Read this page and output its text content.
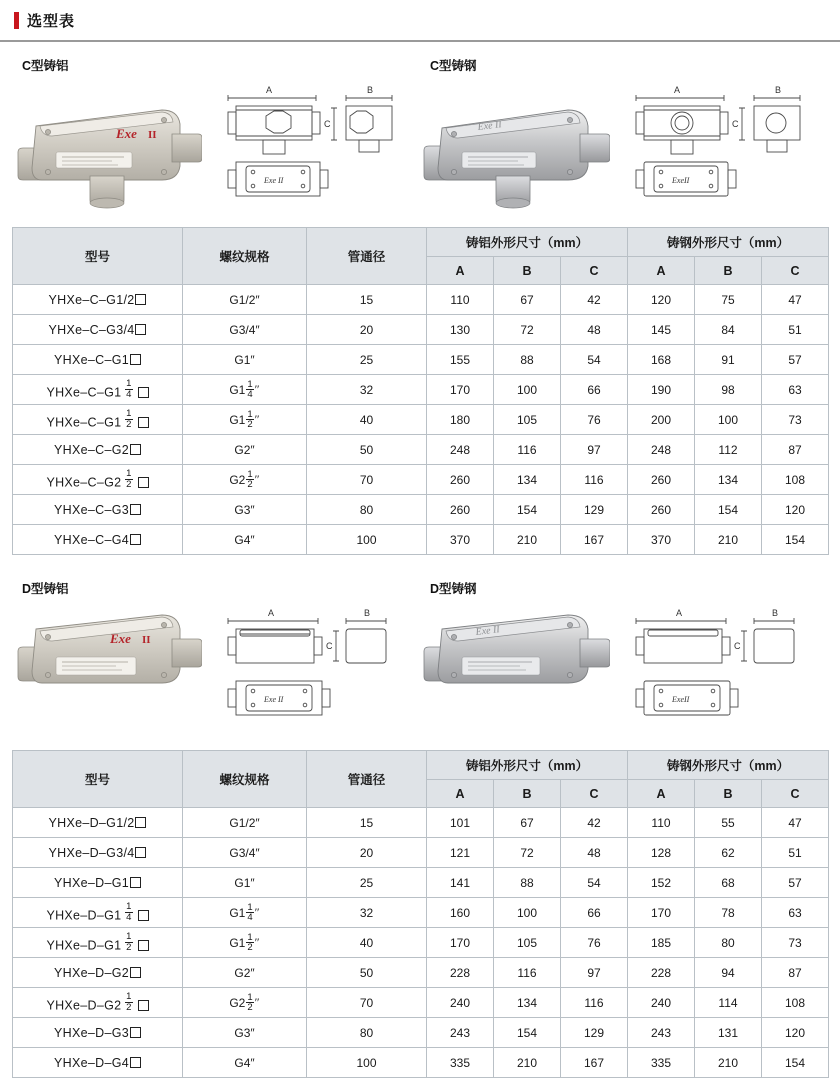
选型表
C型铸铝
Exe II
A	B
C
Exe II
C型铸钢
Exe II
A	B
C
ExeII
型号	螺纹规格	管通径	铸铝外形尺寸（mm）			铸钢外形尺寸（mm）		
			A	B	C	A	B	C
YHXe–C–G1/2	G1/2″	15	110	67	42	120	75	47
YHXe–C–G3/4	G3/4″	20	130	72	48	145	84	51
YHXe–C–G1	G1″	25	155	88	54	168	91	57
YHXe–C–G1 $\frac{1}{4}$	$G1 \frac{1}{4}$ ″	32	170	100	66	190	98	63
YHXe–C–G1 $\frac{1}{2}$	$G1 \frac{1}{2}$ ″	40	180	105	76	200	100	73
YHXe–C–G2	G2″	50	248	116	97	248	112	87
YHXe–C–G2 $\frac{1}{2}$	$G2 \frac{1}{2}$ ″	70	260	134	116	260	134	108
YHXe–C–G3	G3″	80	260	154	129	260	154	120
YHXe–C–G4	G4″	100	370	210	167	370	210	154
D型铸铝
Exe II
A	B
C
Exe II
D型铸钢
Exe II
A	B
C
ExeII
型号	螺纹规格	管通径	铸铝外形尺寸（mm）			铸钢外形尺寸（mm）		
			A	B	C	A	B	C
YHXe–D–G1/2	G1/2″	15	101	67	42	110	55	47
YHXe–D–G3/4	G3/4″	20	121	72	48	128	62	51
YHXe–D–G1	G1″	25	141	88	54	152	68	57
YHXe–D–G1 $\frac{1}{4}$	$G1 \frac{1}{4}$ ″	32	160	100	66	170	78	63
YHXe–D–G1 $\frac{1}{2}$	$G1 \frac{1}{2}$ ″	40	170	105	76	185	80	73
YHXe–D–G2	G2″	50	228	116	97	228	94	87
YHXe–D–G2 $\frac{1}{2}$	$G2 \frac{1}{2}$ ″	70	240	134	116	240	114	108
YHXe–D–G3	G3″	80	243	154	129	243	131	120
YHXe–D–G4	G4″	100	335	210	167	335	210	154
